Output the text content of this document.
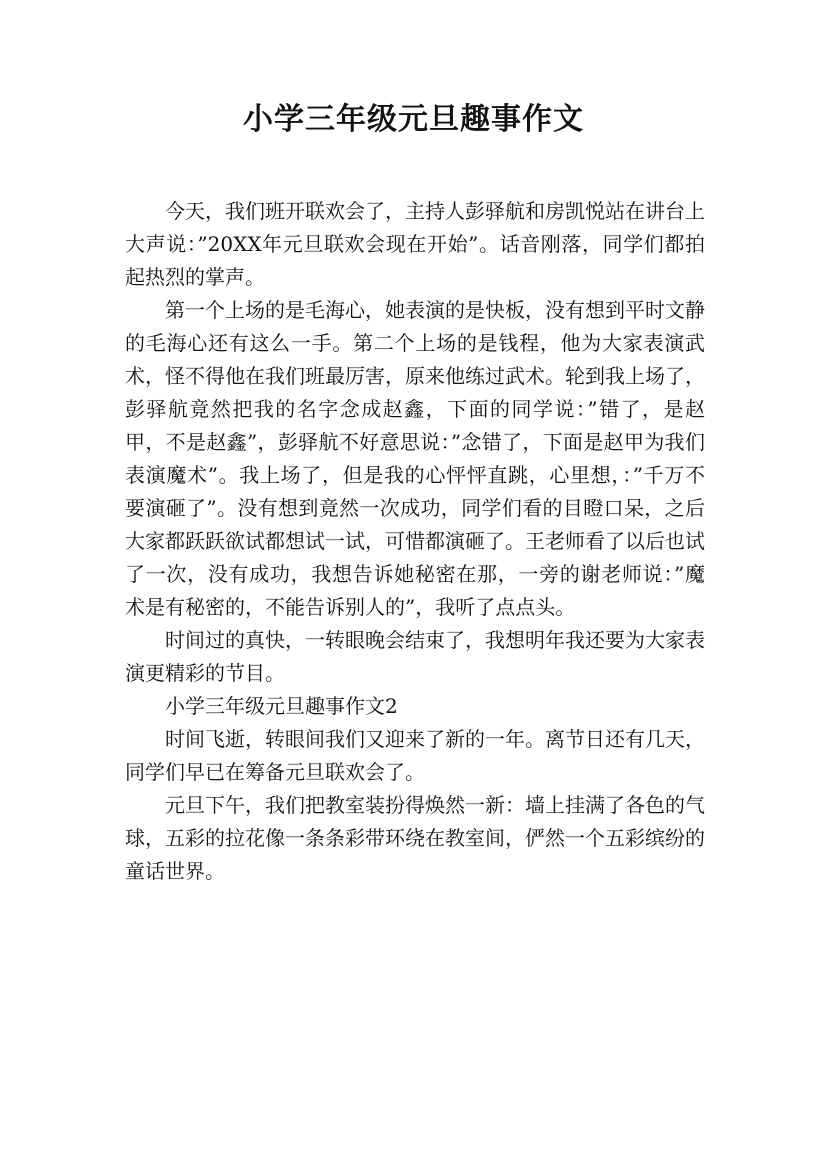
小学三年级元旦趣事作文

今天，我们班开联欢会了，主持人彭驿航和房凯悦站在讲台上大声说：”20XX年元旦联欢会现在开始”。话音刚落，同学们都拍起热烈的掌声。

第一个上场的是毛海心，她表演的是快板，没有想到平时文静的毛海心还有这么一手。第二个上场的是钱程，他为大家表演武术，怪不得他在我们班最厉害，原来他练过武术。轮到我上场了，彭驿航竟然把我的名字念成赵鑫，下面的同学说：”错了，是赵甲，不是赵鑫”，彭驿航不好意思说：”念错了，下面是赵甲为我们表演魔术”。我上场了，但是我的心怦怦直跳，心里想，：”千万不要演砸了”。没有想到竟然一次成功，同学们看的目瞪口呆，之后大家都跃跃欲试都想试一试，可惜都演砸了。王老师看了以后也试了一次，没有成功，我想告诉她秘密在那，一旁的谢老师说：”魔术是有秘密的，不能告诉别人的”，我听了点点头。

时间过的真快，一转眼晚会结束了，我想明年我还要为大家表演更精彩的节目。

小学三年级元旦趣事作文2

时间飞逝，转眼间我们又迎来了新的一年。离节日还有几天，同学们早已在筹备元旦联欢会了。

元旦下午，我们把教室装扮得焕然一新：墙上挂满了各色的气球，五彩的拉花像一条条彩带环绕在教室间，俨然一个五彩缤纷的童话世界。
